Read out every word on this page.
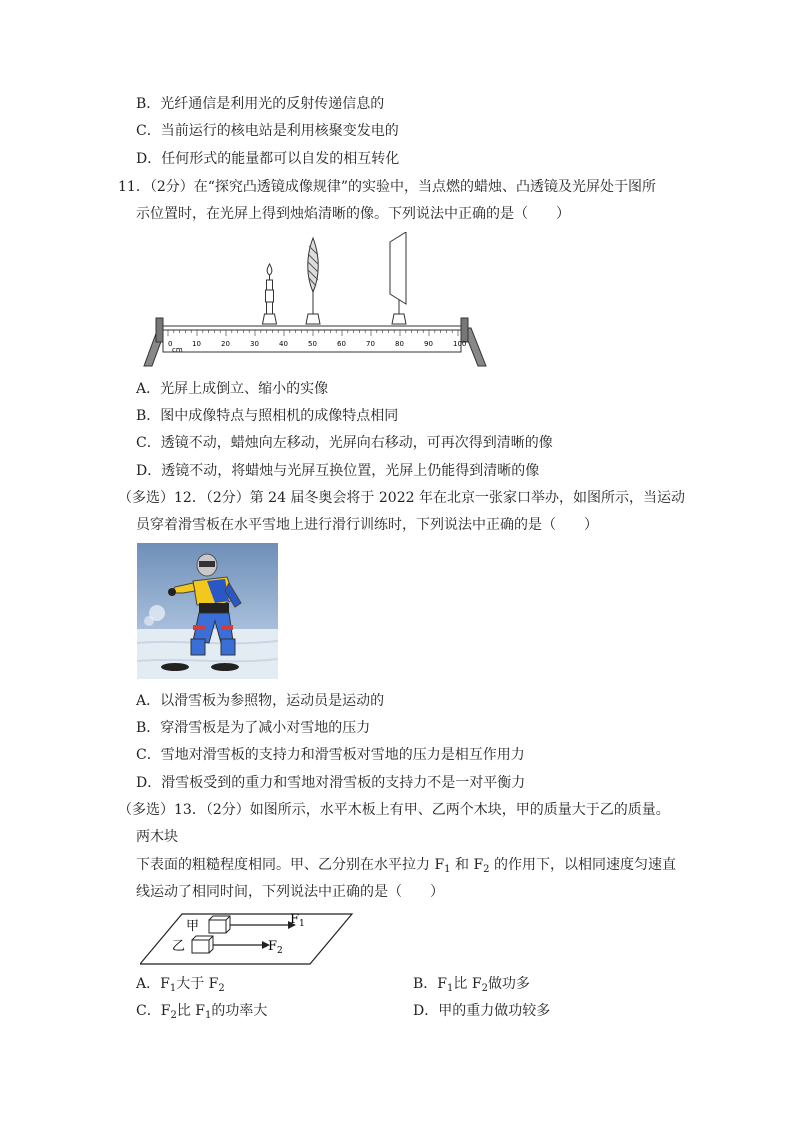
B．光纤通信是利用光的反射传递信息的
C．当前运行的核电站是利用核聚变发电的
D．任何形式的能量都可以自发的相互转化
11．（2分）在“探究凸透镜成像规律”的实验中，当点燃的蜡烛、凸透镜及光屏处于图所
示位置时，在光屏上得到烛焰清晰的像。下列说法中正确的是（　　）
0	10	20	30	40	50	60	70	80	90	100
cm
A．光屏上成倒立、缩小的实像
B．图中成像特点与照相机的成像特点相同
C．透镜不动，蜡烛向左移动，光屏向右移动，可再次得到清晰的像
D．透镜不动，将蜡烛与光屏互换位置，光屏上仍能得到清晰的像
（多选）12．（2分）第 24 届冬奥会将于 2022 年在北京一张家口举办，如图所示，当运动
员穿着滑雪板在水平雪地上进行滑行训练时，下列说法中正确的是（　　）
A．以滑雪板为参照物，运动员是运动的
B．穿滑雪板是为了减小对雪地的压力
C．雪地对滑雪板的支持力和滑雪板对雪地的压力是相互作用力
D．滑雪板受到的重力和雪地对滑雪板的支持力不是一对平衡力
（多选）13．（2分）如图所示，水平木板上有甲、乙两个木块，甲的质量大于乙的质量。
两木块
下表面的粗糙程度相同。甲、乙分别在水平拉力 $F_1$ 和 $F_2$ 的作用下，以相同速度匀速直
线运动了相同时间，下列说法中正确的是（　　）
甲	$F_1$
乙	$F_2$
A．$F_1$大于 $F_2$	B．$F_1$比 $F_2$做功多
C．$F_2$比 $F_1$的功率大	D．甲的重力做功较多
